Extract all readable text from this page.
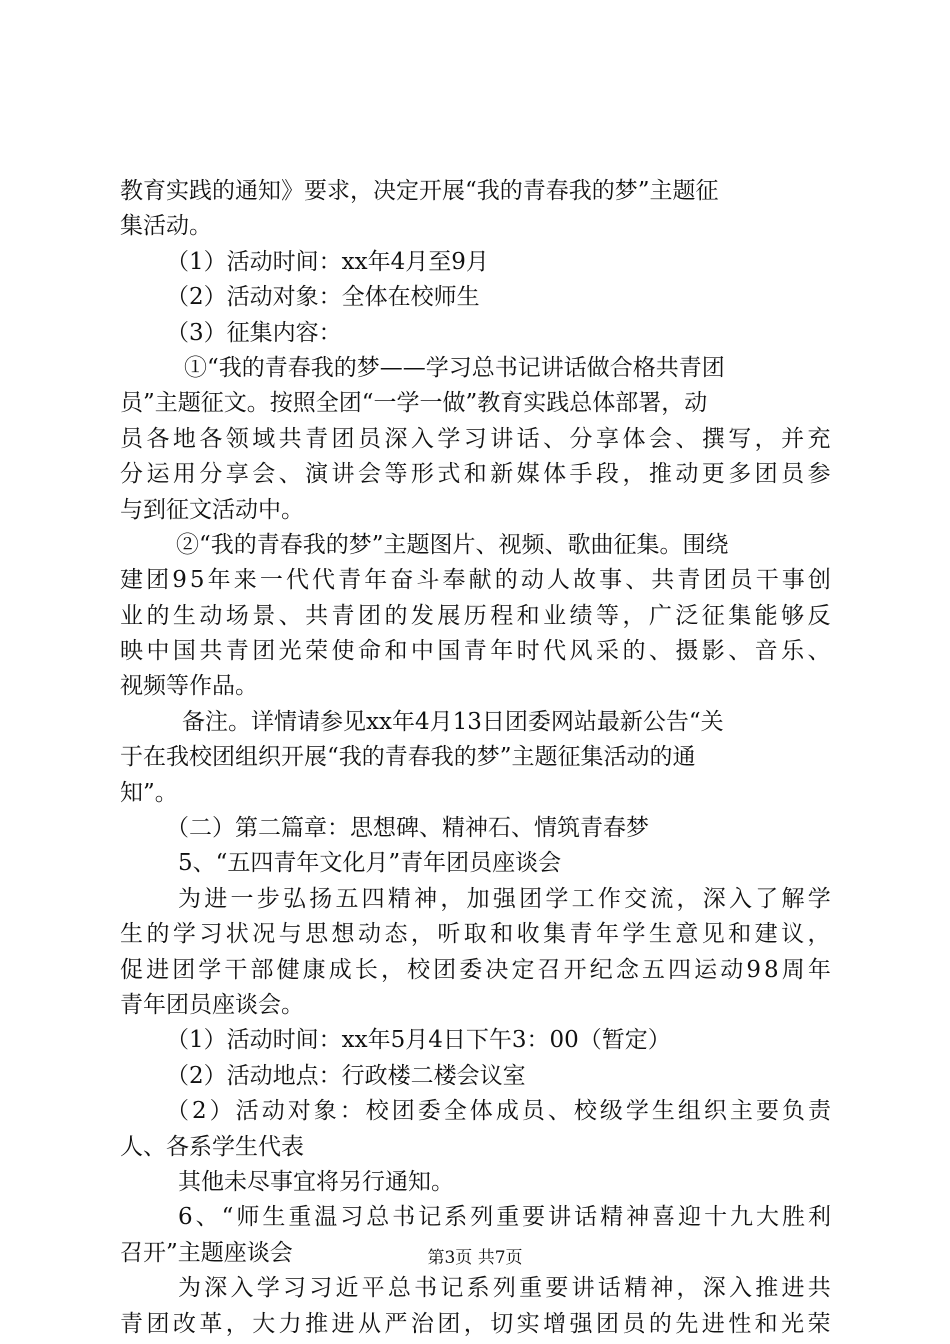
教育实践的通知》要求，决定开展“我的青春我的梦”主题征
集活动。
（1）活动时间：xx年4月至9月
（2）活动对象：全体在校师生
（3）征集内容：
①“我的青春我的梦——学习总书记讲话做合格共青团
员”主题征文。按照全团“一学一做”教育实践总体部署，动
员各地各领域共青团员深入学习讲话、分享体会、撰写，并充
分运用分享会、演讲会等形式和新媒体手段，推动更多团员参
与到征文活动中。
②“我的青春我的梦”主题图片、视频、歌曲征集。围绕
建团95年来一代代青年奋斗奉献的动人故事、共青团员干事创
业的生动场景、共青团的发展历程和业绩等，广泛征集能够反
映中国共青团光荣使命和中国青年时代风采的、摄影、音乐、
视频等作品。
备注。详情请参见xx年4月13日团委网站最新公告“关
于在我校团组织开展“我的青春我的梦”主题征集活动的通
知”。
（二）第二篇章：思想碑、精神石、情筑青春梦
5、“五四青年文化月”青年团员座谈会
为进一步弘扬五四精神，加强团学工作交流，深入了解学
生的学习状况与思想动态，听取和收集青年学生意见和建议，
促进团学干部健康成长，校团委决定召开纪念五四运动98周年
青年团员座谈会。
（1）活动时间：xx年5月4日下午3：00（暂定）
（2）活动地点：行政楼二楼会议室
（2）活动对象：校团委全体成员、校级学生组织主要负责
人、各系学生代表
其他未尽事宜将另行通知。
6、“师生重温习总书记系列重要讲话精神喜迎十九大胜利
召开”主题座谈会
为深入学习习近平总书记系列重要讲话精神，深入推进共
青团改革，大力推进从严治团，切实增强团员的先进性和光荣
第3页 共7页
